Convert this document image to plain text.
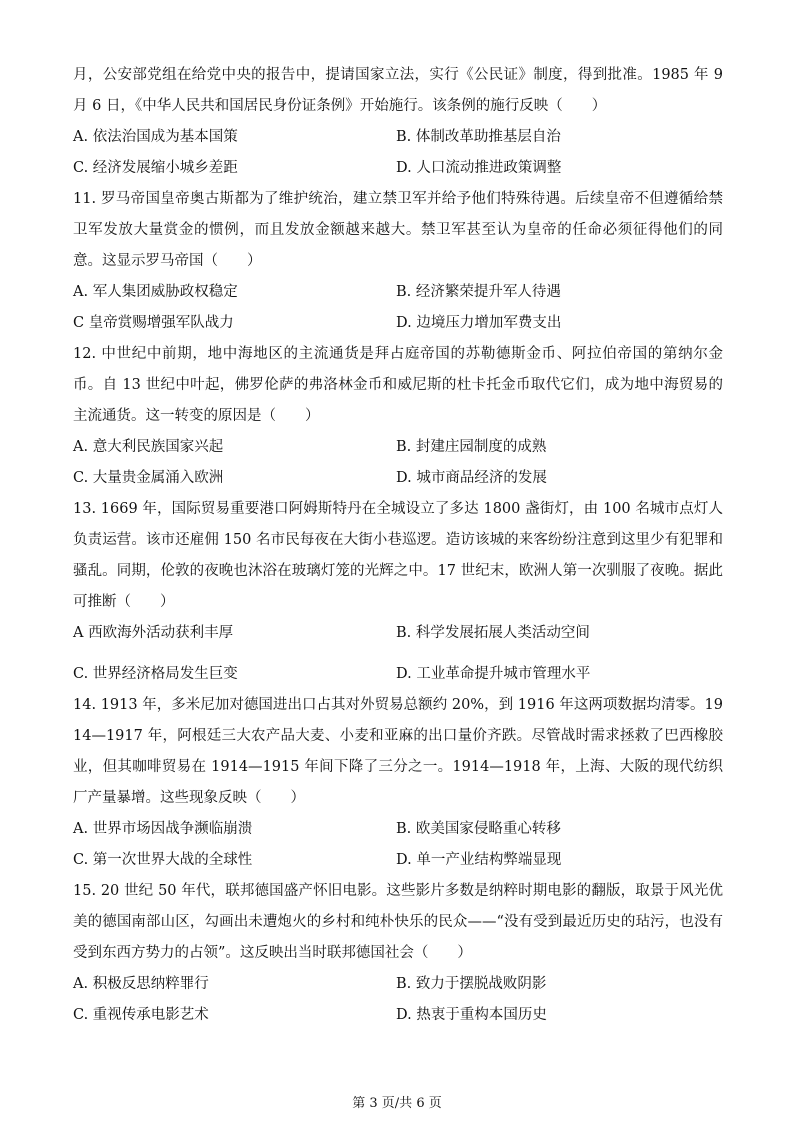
月，公安部党组在给党中央的报告中，提请国家立法，实行《公民证》制度，得到批准。1985 年 9 月 6 日，《中华人民共和国居民身份证条例》开始施行。该条例的施行反映（　　）

A. 依法治国成为基本国策	B. 体制改革助推基层自治
C. 经济发展缩小城乡差距	D. 人口流动推进政策调整

11. 罗马帝国皇帝奥古斯都为了维护统治，建立禁卫军并给予他们特殊待遇。后续皇帝不但遵循给禁卫军发放大量赏金的惯例，而且发放金额越来越大。禁卫军甚至认为皇帝的任命必须征得他们的同意。这显示罗马帝国（　　）

A. 军人集团威胁政权稳定	B. 经济繁荣提升军人待遇
C 皇帝赏赐增强军队战力	D. 边境压力增加军费支出

12. 中世纪中前期，地中海地区的主流通货是拜占庭帝国的苏勒德斯金币、阿拉伯帝国的第纳尔金币。自 13 世纪中叶起，佛罗伦萨的弗洛林金币和威尼斯的杜卡托金币取代它们，成为地中海贸易的主流通货。这一转变的原因是（　　）

A. 意大利民族国家兴起	B. 封建庄园制度的成熟
C. 大量贵金属涌入欧洲	D. 城市商品经济的发展

13. 1669 年，国际贸易重要港口阿姆斯特丹在全城设立了多达 1800 盏街灯，由 100 名城市点灯人负责运营。该市还雇佣 150 名市民每夜在大街小巷巡逻。造访该城的来客纷纷注意到这里少有犯罪和骚乱。同期，伦敦的夜晚也沐浴在玻璃灯笼的光辉之中。17 世纪末，欧洲人第一次驯服了夜晚。据此可推断（　　）

A 西欧海外活动获利丰厚	B. 科学发展拓展人类活动空间
C. 世界经济格局发生巨变	D. 工业革命提升城市管理水平

14. 1913 年，多米尼加对德国进出口占其对外贸易总额约 20%，到 1916 年这两项数据均清零。1914—1917 年，阿根廷三大农产品大麦、小麦和亚麻的出口量价齐跌。尽管战时需求拯救了巴西橡胶业，但其咖啡贸易在 1914—1915 年间下降了三分之一。1914—1918 年，上海、大阪的现代纺织厂产量暴增。这些现象反映（　　）

A. 世界市场因战争濒临崩溃	B. 欧美国家侵略重心转移
C. 第一次世界大战的全球性	D. 单一产业结构弊端显现

15. 20 世纪 50 年代，联邦德国盛产怀旧电影。这些影片多数是纳粹时期电影的翻版，取景于风光优美的德国南部山区，勾画出未遭炮火的乡村和纯朴快乐的民众——“没有受到最近历史的玷污，也没有受到东西方势力的占领”。这反映出当时联邦德国社会（　　）

A. 积极反思纳粹罪行	B. 致力于摆脱战败阴影
C. 重视传承电影艺术	D. 热衷于重构本国历史
第 3 页/共 6 页
